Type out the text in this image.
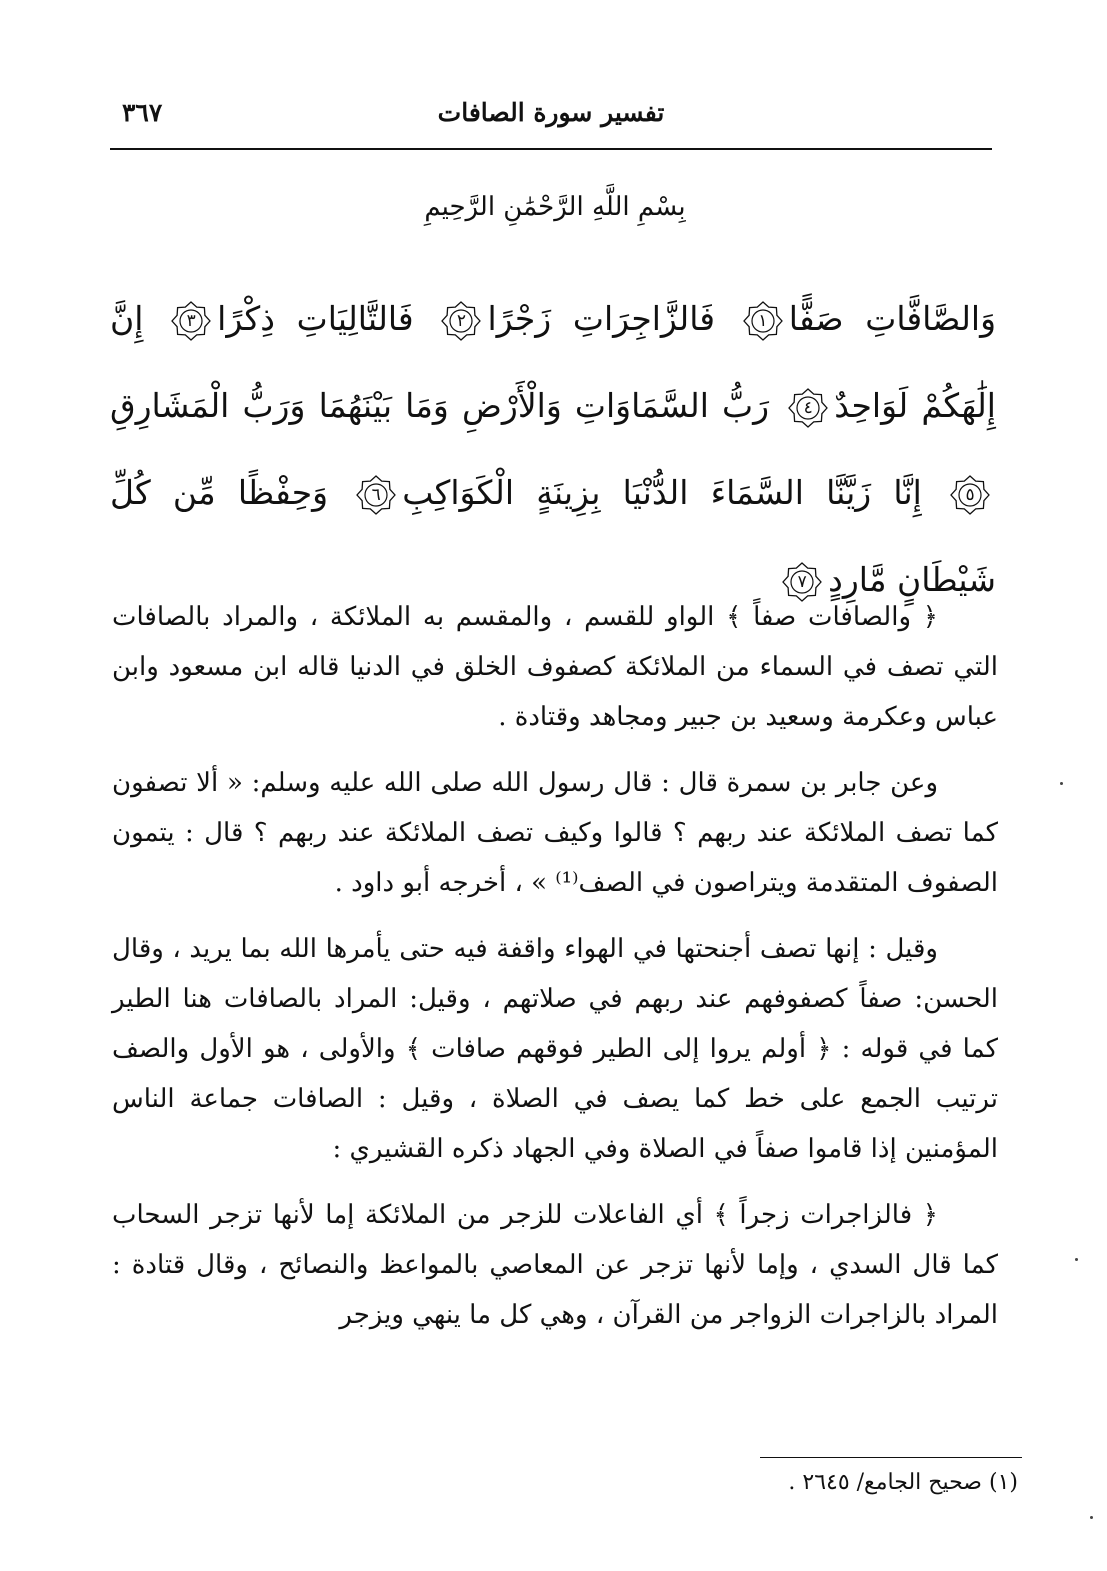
تفسير سورة الصافات
٣٦٧
بِسْمِ اللَّهِ الرَّحْمَٰنِ الرَّحِيمِ
وَالصَّافَّاتِ صَفًّا
١
فَالزَّاجِرَاتِ زَجْرًا
٢
فَالتَّالِيَاتِ ذِكْرًا
٣
إِنَّ إِلَٰهَكُمْ لَوَاحِدٌ
٤
رَبُّ السَّمَاوَاتِ وَالْأَرْضِ وَمَا بَيْنَهُمَا وَرَبُّ الْمَشَارِقِ
٥
إِنَّا زَيَّنَّا السَّمَاءَ الدُّنْيَا بِزِينَةٍ الْكَوَاكِبِ
٦
وَحِفْظًا مِّن كُلِّ شَيْطَانٍ مَّارِدٍ
٧

﴿ والصافات صفاً ﴾ الواو للقسم ، والمقسم به الملائكة ، والمراد بالصافات التي تصف في السماء من الملائكة كصفوف الخلق في الدنيا قاله ابن مسعود وابن عباس وعكرمة وسعيد بن جبير ومجاهد وقتادة .

وعن جابر بن سمرة قال : قال رسول الله صلى الله عليه وسلم: « ألا تصفون كما تصف الملائكة عند ربهم ؟ قالوا وكيف تصف الملائكة عند ربهم ؟ قال : يتمون الصفوف المتقدمة ويتراصون في الصف⁽¹⁾ » ، أخرجه أبو داود .

وقيل : إنها تصف أجنحتها في الهواء واقفة فيه حتى يأمرها الله بما يريد ، وقال الحسن: صفاً كصفوفهم عند ربهم في صلاتهم ، وقيل: المراد بالصافات هنا الطير كما في قوله : ﴿ أولم يروا إلى الطير فوقهم صافات ﴾ والأولى ، هو الأول والصف ترتيب الجمع على خط كما يصف في الصلاة ، وقيل : الصافات جماعة الناس المؤمنين إذا قاموا صفاً في الصلاة وفي الجهاد ذكره القشيري :

﴿ فالزاجرات زجراً ﴾ أي الفاعلات للزجر من الملائكة إما لأنها تزجر السحاب كما قال السدي ، وإما لأنها تزجر عن المعاصي بالمواعظ والنصائح ، وقال قتادة : المراد بالزاجرات الزواجر من القرآن ، وهي كل ما ينهي ويزجر

(١) صحيح الجامع/ ٢٦٤٥ .
